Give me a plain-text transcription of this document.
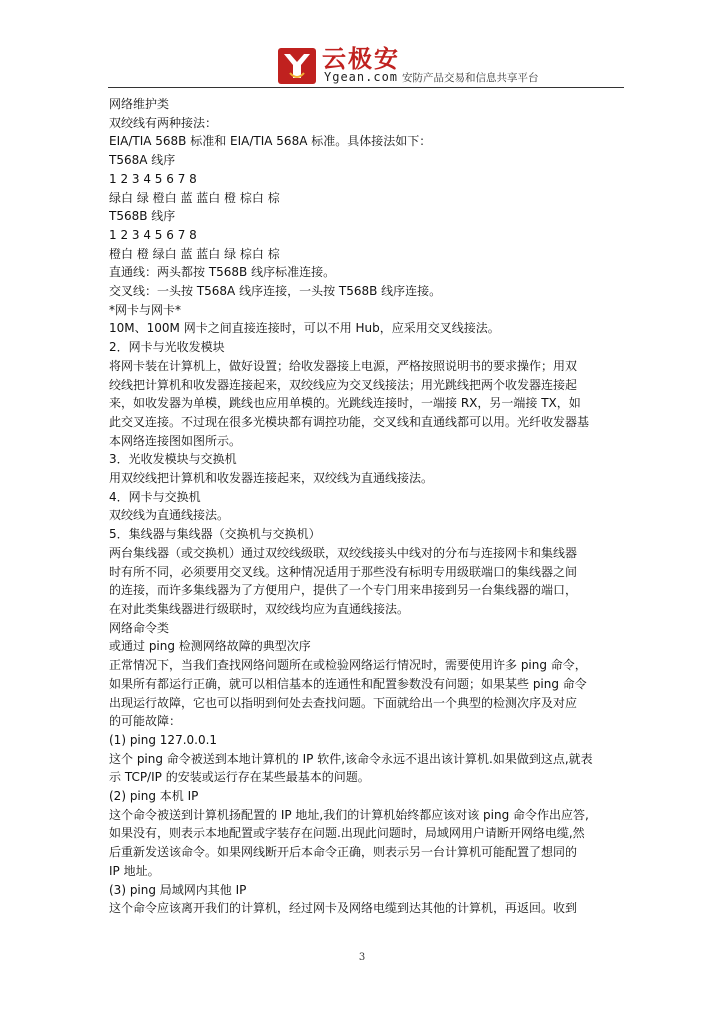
云极安
Ygean.com 安防产品交易和信息共享平台
网络维护类
双绞线有两种接法：
EIA/TIA 568B 标准和 EIA/TIA 568A 标准。具体接法如下：
T568A 线序
1 2 3 4 5 6 7 8
绿白 绿 橙白 蓝 蓝白 橙 棕白 棕
T568B 线序
1 2 3 4 5 6 7 8
橙白 橙 绿白 蓝 蓝白 绿 棕白 棕
直通线：两头都按 T568B 线序标准连接。
交叉线：一头按 T568A 线序连接，一头按 T568B 线序连接。
*网卡与网卡*
10M、100M 网卡之间直接连接时，可以不用 Hub，应采用交叉线接法。
2．网卡与光收发模块
将网卡装在计算机上，做好设置；给收发器接上电源，严格按照说明书的要求操作；用双
绞线把计算机和收发器连接起来，双绞线应为交叉线接法；用光跳线把两个收发器连接起
来，如收发器为单模，跳线也应用单模的。光跳线连接时，一端接 RX，另一端接 TX，如
此交叉连接。不过现在很多光模块都有调控功能，交叉线和直通线都可以用。光纤收发器基
本网络连接图如图所示。
3．光收发模块与交换机
用双绞线把计算机和收发器连接起来，双绞线为直通线接法。
4．网卡与交换机
双绞线为直通线接法。
5．集线器与集线器（交换机与交换机）
两台集线器（或交换机）通过双绞线级联，双绞线接头中线对的分布与连接网卡和集线器
时有所不同，必须要用交叉线。这种情况适用于那些没有标明专用级联端口的集线器之间
的连接，而许多集线器为了方便用户，提供了一个专门用来串接到另一台集线器的端口，
在对此类集线器进行级联时，双绞线均应为直通线接法。
网络命令类
或通过 ping 检测网络故障的典型次序
正常情况下，当我们查找网络问题所在或检验网络运行情况时，需要使用许多 ping 命令，
如果所有都运行正确，就可以相信基本的连通性和配置参数没有问题；如果某些 ping 命令
出现运行故障，它也可以指明到何处去查找问题。下面就给出一个典型的检测次序及对应
的可能故障：
(1) ping 127.0.0.1
这个 ping 命令被送到本地计算机的 IP 软件,该命令永远不退出该计算机.如果做到这点,就表
示 TCP/IP 的安装或运行存在某些最基本的问题。
(2) ping 本机 IP
这个命令被送到计算机扬配置的 IP 地址,我们的计算机始终都应该对该 ping 命令作出应答,
如果没有，则表示本地配置或字装存在问题.出现此问题时，局域网用户请断开网络电缆,然
后重新发送该命令。如果网线断开后本命令正确，则表示另一台计算机可能配置了想同的
IP 地址。
(3) ping 局域网内其他 IP
这个命令应该离开我们的计算机，经过网卡及网络电缆到达其他的计算机，再返回。收到
3
